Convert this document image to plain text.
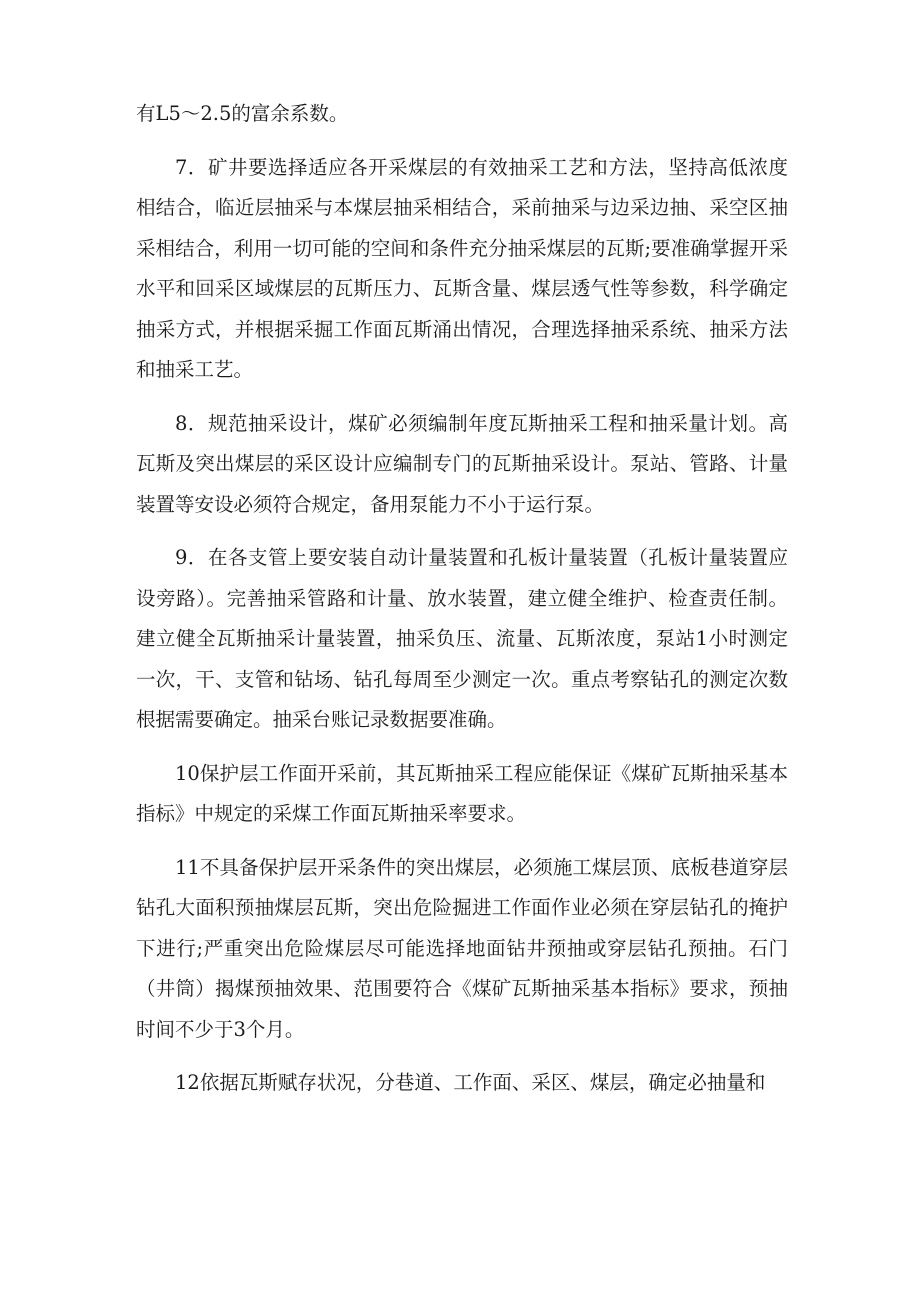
有L5～2.5的富余系数。

7．矿井要选择适应各开采煤层的有效抽采工艺和方法，坚持高低浓度相结合，临近层抽采与本煤层抽采相结合，采前抽采与边采边抽、采空区抽采相结合，利用一切可能的空间和条件充分抽采煤层的瓦斯;要准确掌握开采水平和回采区域煤层的瓦斯压力、瓦斯含量、煤层透气性等参数，科学确定抽采方式，并根据采掘工作面瓦斯涌出情况，合理选择抽采系统、抽采方法和抽采工艺。

8．规范抽采设计，煤矿必须编制年度瓦斯抽采工程和抽采量计划。高瓦斯及突出煤层的采区设计应编制专门的瓦斯抽采设计。泵站、管路、计量装置等安设必须符合规定，备用泵能力不小于运行泵。

9．在各支管上要安装自动计量装置和孔板计量装置（孔板计量装置应设旁路）。完善抽采管路和计量、放水装置，建立健全维护、检查责任制。建立健全瓦斯抽采计量装置，抽采负压、流量、瓦斯浓度，泵站1小时测定一次，干、支管和钻场、钻孔每周至少测定一次。重点考察钻孔的测定次数根据需要确定。抽采台账记录数据要准确。

10保护层工作面开采前，其瓦斯抽采工程应能保证《煤矿瓦斯抽采基本指标》中规定的采煤工作面瓦斯抽采率要求。

11不具备保护层开采条件的突出煤层，必须施工煤层顶、底板巷道穿层钻孔大面积预抽煤层瓦斯，突出危险掘进工作面作业必须在穿层钻孔的掩护下进行;严重突出危险煤层尽可能选择地面钻井预抽或穿层钻孔预抽。石门（井筒）揭煤预抽效果、范围要符合《煤矿瓦斯抽采基本指标》要求，预抽时间不少于3个月。

12依据瓦斯赋存状况，分巷道、工作面、采区、煤层，确定必抽量和
